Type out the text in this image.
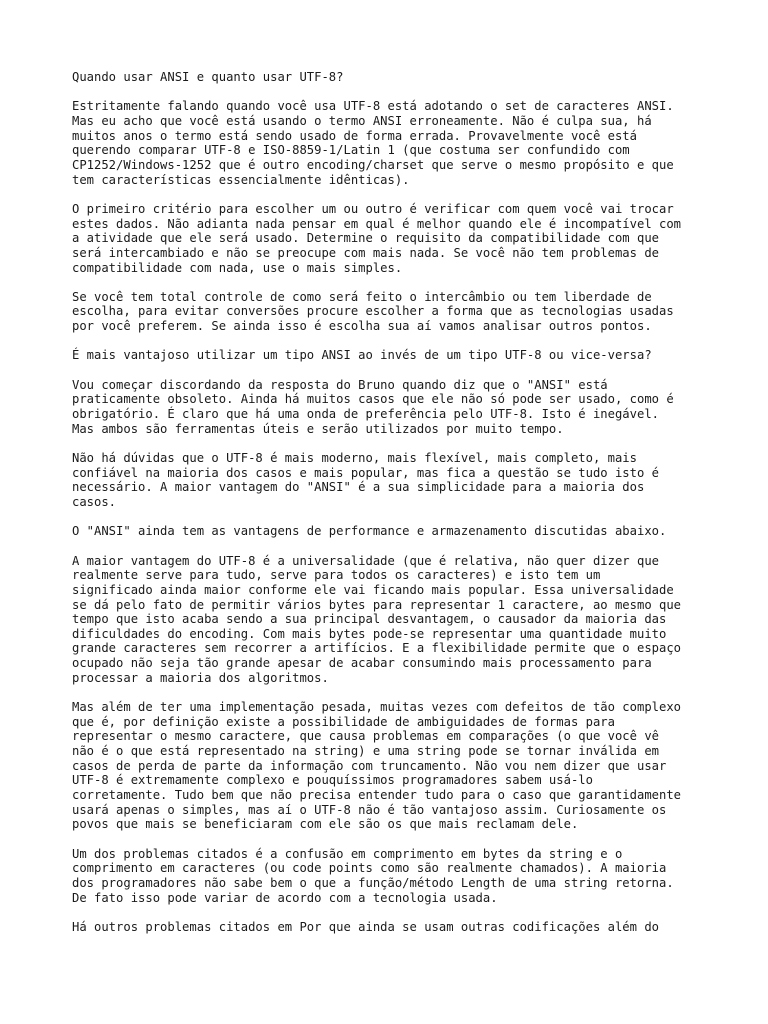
Quando usar ANSI e quanto usar UTF-8?

Estritamente falando quando você usa UTF-8 está adotando o set de caracteres ANSI.
Mas eu acho que você está usando o termo ANSI erroneamente. Não é culpa sua, há
muitos anos o termo está sendo usado de forma errada. Provavelmente você está
querendo comparar UTF-8 e ISO-8859-1/Latin 1 (que costuma ser confundido com
CP1252/Windows-1252 que é outro encoding/charset que serve o mesmo propósito e que
tem características essencialmente idênticas).

O primeiro critério para escolher um ou outro é verificar com quem você vai trocar
estes dados. Não adianta nada pensar em qual é melhor quando ele é incompatível com
a atividade que ele será usado. Determine o requisito da compatibilidade com que
será intercambiado e não se preocupe com mais nada. Se você não tem problemas de
compatibilidade com nada, use o mais simples.

Se você tem total controle de como será feito o intercâmbio ou tem liberdade de
escolha, para evitar conversões procure escolher a forma que as tecnologias usadas
por você preferem. Se ainda isso é escolha sua aí vamos analisar outros pontos.

É mais vantajoso utilizar um tipo ANSI ao invés de um tipo UTF-8 ou vice-versa?

Vou começar discordando da resposta do Bruno quando diz que o "ANSI" está
praticamente obsoleto. Ainda há muitos casos que ele não só pode ser usado, como é
obrigatório. É claro que há uma onda de preferência pelo UTF-8. Isto é inegável.
Mas ambos são ferramentas úteis e serão utilizados por muito tempo.

Não há dúvidas que o UTF-8 é mais moderno, mais flexível, mais completo, mais
confiável na maioria dos casos e mais popular, mas fica a questão se tudo isto é
necessário. A maior vantagem do "ANSI" é a sua simplicidade para a maioria dos
casos.

O "ANSI" ainda tem as vantagens de performance e armazenamento discutidas abaixo.

A maior vantagem do UTF-8 é a universalidade (que é relativa, não quer dizer que
realmente serve para tudo, serve para todos os caracteres) e isto tem um
significado ainda maior conforme ele vai ficando mais popular. Essa universalidade
se dá pelo fato de permitir vários bytes para representar 1 caractere, ao mesmo que
tempo que isto acaba sendo a sua principal desvantagem, o causador da maioria das
dificuldades do encoding. Com mais bytes pode-se representar uma quantidade muito
grande caracteres sem recorrer a artifícios. E a flexibilidade permite que o espaço
ocupado não seja tão grande apesar de acabar consumindo mais processamento para
processar a maioria dos algoritmos.

Mas além de ter uma implementação pesada, muitas vezes com defeitos de tão complexo
que é, por definição existe a possibilidade de ambiguidades de formas para
representar o mesmo caractere, que causa problemas em comparações (o que você vê
não é o que está representado na string) e uma string pode se tornar inválida em
casos de perda de parte da informação com truncamento. Não vou nem dizer que usar
UTF-8 é extremamente complexo e pouquíssimos programadores sabem usá-lo
corretamente. Tudo bem que não precisa entender tudo para o caso que garantidamente
usará apenas o simples, mas aí o UTF-8 não é tão vantajoso assim. Curiosamente os
povos que mais se beneficiaram com ele são os que mais reclamam dele.

Um dos problemas citados é a confusão em comprimento em bytes da string e o
comprimento em caracteres (ou code points como são realmente chamados). A maioria
dos programadores não sabe bem o que a função/método Length de uma string retorna.
De fato isso pode variar de acordo com a tecnologia usada.

Há outros problemas citados em Por que ainda se usam outras codificações além do
